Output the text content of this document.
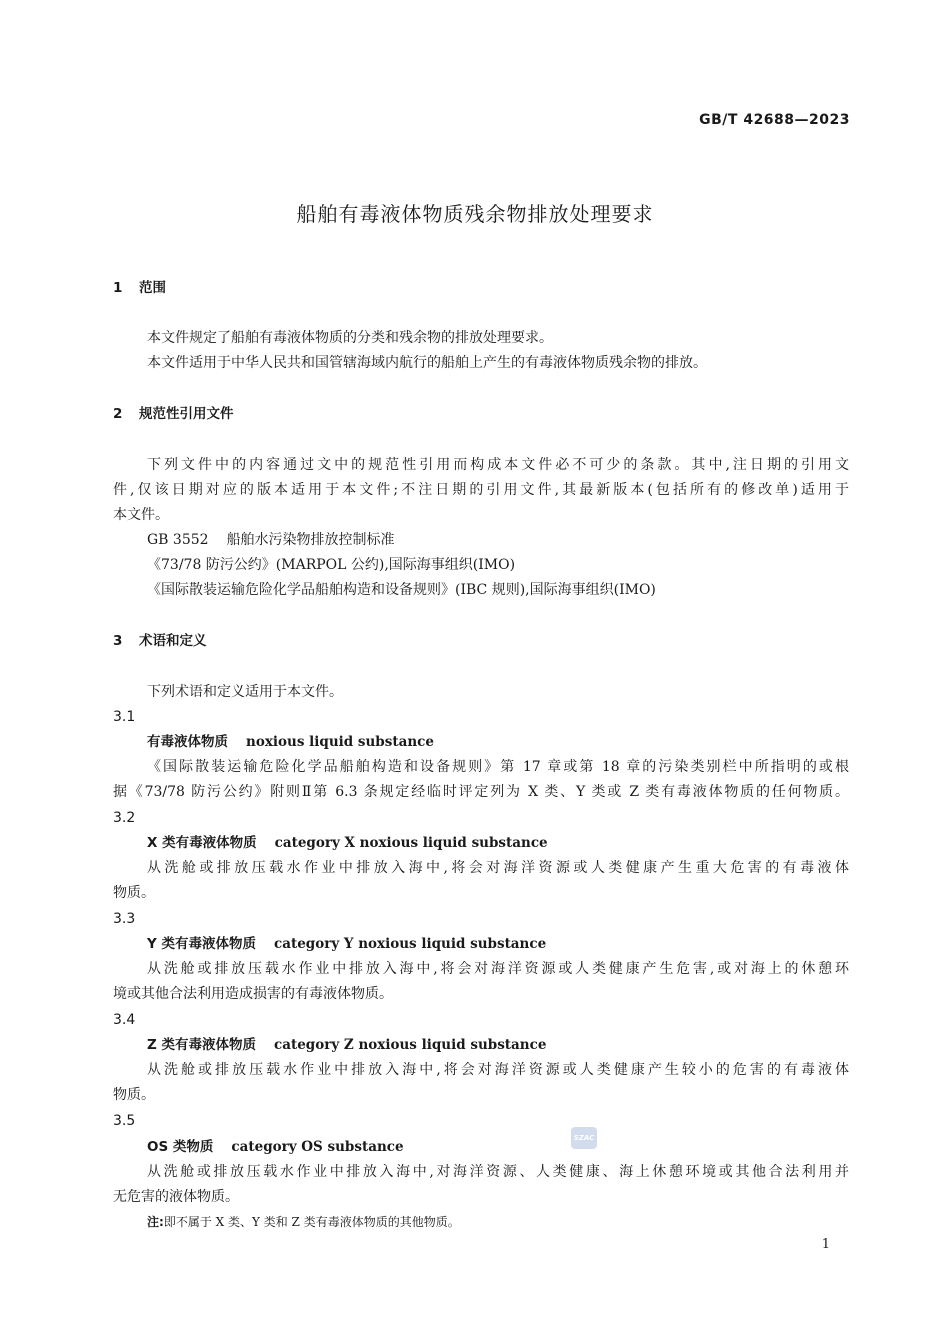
GB/T 42688—2023
船舶有毒液体物质残余物排放处理要求
1 范围
本文件规定了船舶有毒液体物质的分类和残余物的排放处理要求。
本文件适用于中华人民共和国管辖海域内航行的船舶上产生的有毒液体物质残余物的排放。
2 规范性引用文件
下列文件中的内容通过文中的规范性引用而构成本文件必不可少的条款。其中,注日期的引用文
件,仅该日期对应的版本适用于本文件;不注日期的引用文件,其最新版本(包括所有的修改单)适用于
本文件。
GB 3552 船舶水污染物排放控制标准
《73/78 防污公约》(MARPOL 公约),国际海事组织(IMO)
《国际散装运输危险化学品船舶构造和设备规则》(IBC 规则),国际海事组织(IMO)
3 术语和定义
下列术语和定义适用于本文件。
3.1
有毒液体物质 noxious liquid substance
《国际散装运输危险化学品船舶构造和设备规则》第 17 章或第 18 章的污染类别栏中所指明的或根
据《73/78 防污公约》附则Ⅱ第 6.3 条规定经临时评定列为 X 类、Y 类或 Z 类有毒液体物质的任何物质。
3.2
X 类有毒液体物质 category X noxious liquid substance
从洗舱或排放压载水作业中排放入海中,将会对海洋资源或人类健康产生重大危害的有毒液体
物质。
3.3
Y 类有毒液体物质 category Y noxious liquid substance
从洗舱或排放压载水作业中排放入海中,将会对海洋资源或人类健康产生危害,或对海上的休憩环
境或其他合法利用造成损害的有毒液体物质。
3.4
Z 类有毒液体物质 category Z noxious liquid substance
从洗舱或排放压载水作业中排放入海中,将会对海洋资源或人类健康产生较小的危害的有毒液体
物质。
3.5
OS 类物质 category OS substance
SZAC
从洗舱或排放压载水作业中排放入海中,对海洋资源、人类健康、海上休憩环境或其他合法利用并
无危害的液体物质。
注:即不属于 X 类、Y 类和 Z 类有毒液体物质的其他物质。
1
